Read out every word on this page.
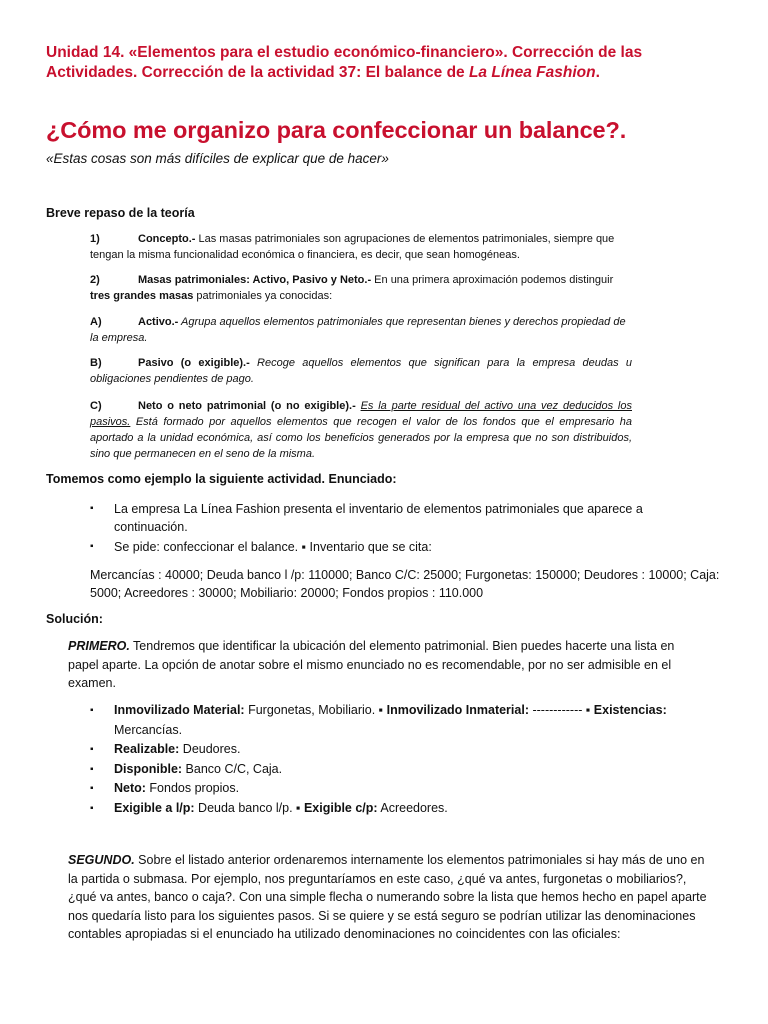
Unidad 14. «Elementos para el estudio económico-financiero». Corrección de las Actividades. Corrección de la actividad 37: El balance de La Línea Fashion.
¿Cómo me organizo para confeccionar un balance?.
«Estas cosas son más difíciles de explicar que de hacer»
Breve repaso de la teoría
1)	Concepto.- Las masas patrimoniales son agrupaciones de elementos patrimoniales, siempre que tengan la misma funcionalidad económica o financiera, es decir, que sean homogéneas.
2)	Masas patrimoniales: Activo, Pasivo y Neto.- En una primera aproximación podemos distinguir tres grandes masas patrimoniales ya conocidas:
A)	Activo.- Agrupa aquellos elementos patrimoniales que representan bienes y derechos propiedad de la empresa.
B)	Pasivo (o exigible).- Recoge aquellos elementos que significan para la empresa deudas u obligaciones pendientes de pago.
C)	Neto o neto patrimonial (o no exigible).- Es la parte residual del activo una vez deducidos los pasivos. Está formado por aquellos elementos que recogen el valor de los fondos que el empresario ha aportado a la unidad económica, así como los beneficios generados por la empresa que no son distribuidos, sino que permanecen en el seno de la misma.
Tomemos como ejemplo la siguiente actividad. Enunciado:
▪ La empresa La Línea Fashion presenta el inventario de elementos patrimoniales que aparece a continuación.
▪ Se pide: confeccionar el balance. ▪ Inventario que se cita:
Mercancías : 40000; Deuda banco l /p: 110000; Banco C/C: 25000; Furgonetas: 150000; Deudores : 10000; Caja: 5000; Acreedores : 30000; Mobiliario: 20000; Fondos propios : 110.000
Solución:
PRIMERO. Tendremos que identificar la ubicación del elemento patrimonial. Bien puedes hacerte una lista en papel aparte. La opción de anotar sobre el mismo enunciado no es recomendable, por no ser admisible en el examen.
▪ Inmovilizado Material: Furgonetas, Mobiliario. ▪ Inmovilizado Inmaterial: ------------ ▪ Existencias: Mercancías.
▪ Realizable: Deudores.
▪ Disponible: Banco C/C, Caja.
▪ Neto: Fondos propios.
▪ Exigible a l/p: Deuda banco l/p. ▪ Exigible c/p: Acreedores.
SEGUNDO. Sobre el listado anterior ordenaremos internamente los elementos patrimoniales si hay más de uno en la partida o submasa. Por ejemplo, nos preguntaríamos en este caso, ¿qué va antes, furgonetas o mobiliarios?, ¿qué va antes, banco o caja?. Con una simple flecha o numerando sobre la lista que hemos hecho en papel aparte nos quedaría listo para los siguientes pasos. Si se quiere y se está seguro se podrían utilizar las denominaciones contables apropiadas si el enunciado ha utilizado denominaciones no coincidentes con las oficiales:
